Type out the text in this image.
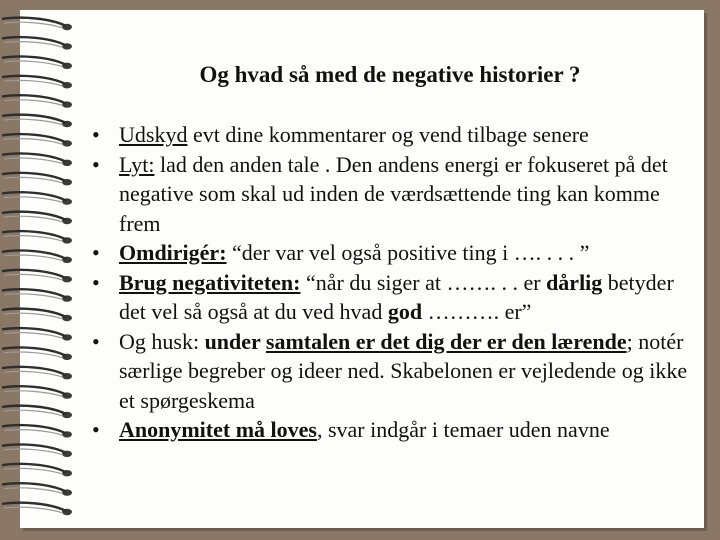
Og hvad så med de negative historier ?
• Udskyd evt dine kommentarer og vend tilbage senere
• Lyt: lad den anden tale . Den andens energi er fokuseret på det negative som skal ud inden de værdsættende ting kan komme frem
• Omdirigér: “der var vel også positive ting i …. . . . ”
• Brug negativiteten: “når du siger at ……. . . er dårlig betyder det vel så også at du ved hvad god ………. er”
• Og husk: under samtalen er det dig der er den lærende; notér særlige begreber og ideer ned. Skabelonen er vejledende og ikke et spørgeskema
• Anonymitet må loves, svar indgår i temaer uden navne
